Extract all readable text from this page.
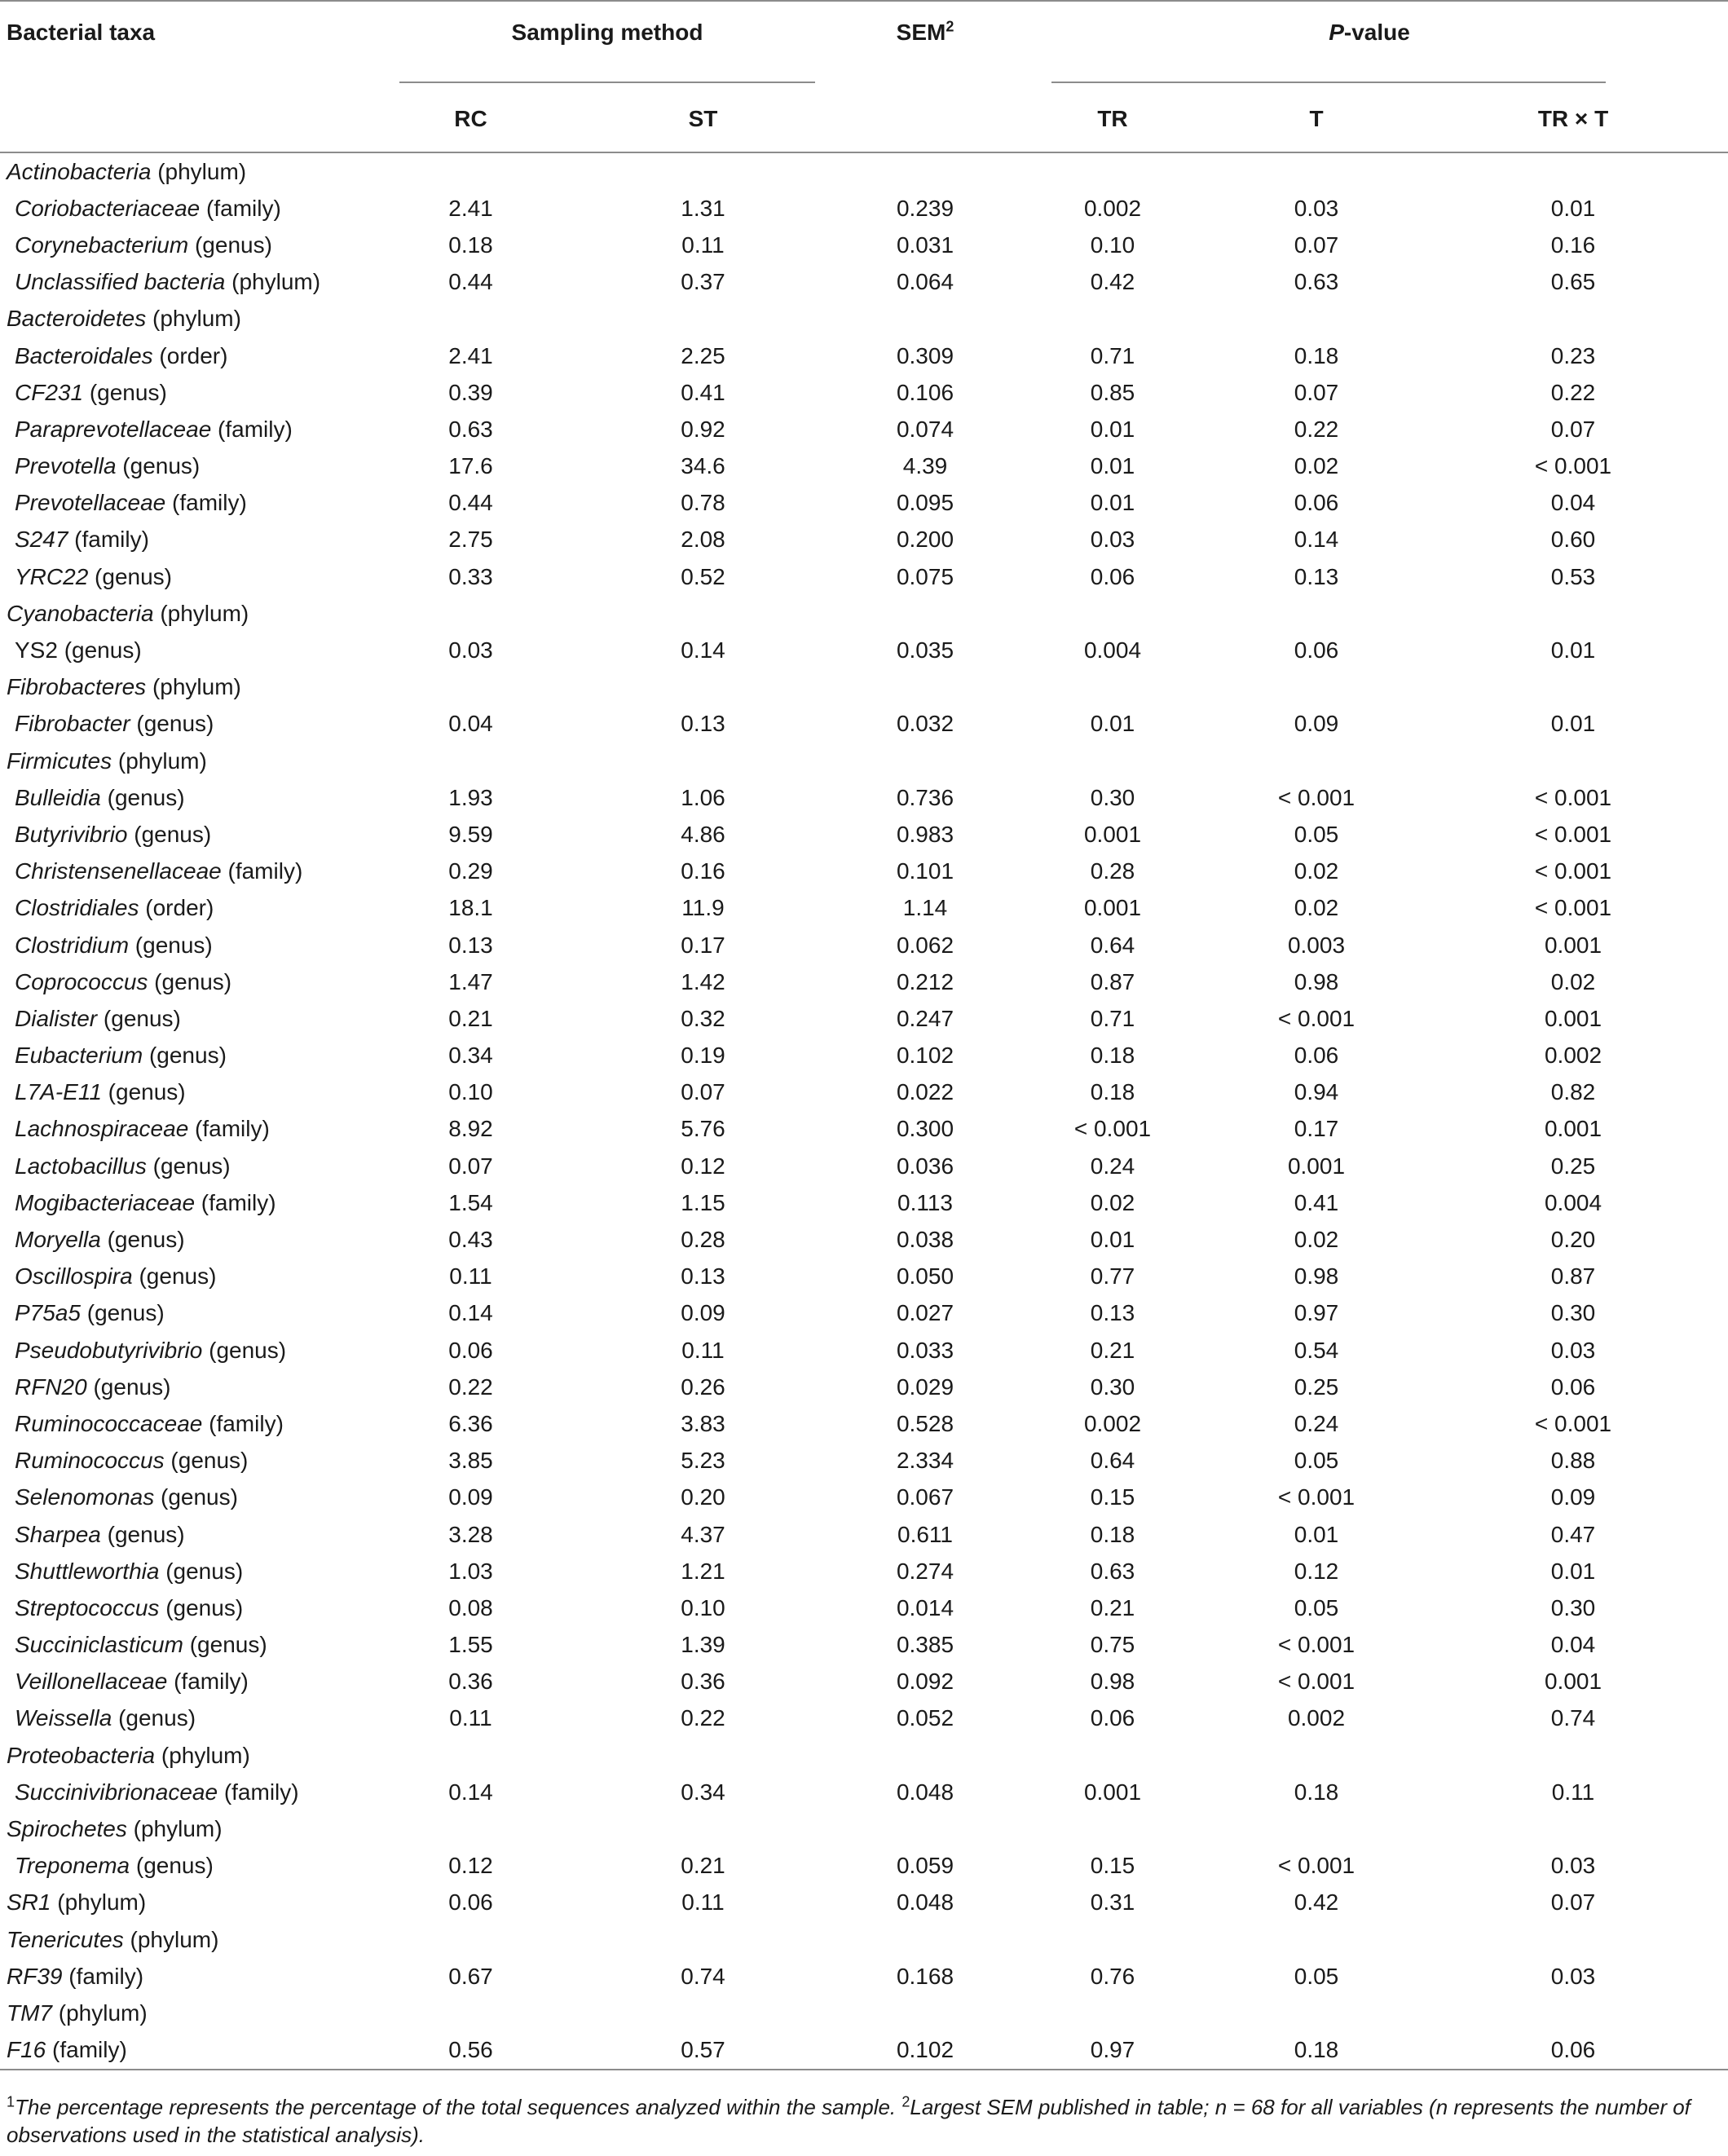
Bacterial taxa	Sampling method		SEM$^2$	P-value		
	RC	ST		TR	T	TR × T
Actinobacteria (phylum)						
Coriobacteriaceae (family)	2.41	1.31	0.239	0.002	0.03	0.01
Corynebacterium (genus)	0.18	0.11	0.031	0.10	0.07	0.16
Unclassified bacteria (phylum)	0.44	0.37	0.064	0.42	0.63	0.65
Bacteroidetes (phylum)						
Bacteroidales (order)	2.41	2.25	0.309	0.71	0.18	0.23
CF231 (genus)	0.39	0.41	0.106	0.85	0.07	0.22
Paraprevotellaceae (family)	0.63	0.92	0.074	0.01	0.22	0.07
Prevotella (genus)	17.6	34.6	4.39	0.01	0.02	< 0.001
Prevotellaceae (family)	0.44	0.78	0.095	0.01	0.06	0.04
S247 (family)	2.75	2.08	0.200	0.03	0.14	0.60
YRC22 (genus)	0.33	0.52	0.075	0.06	0.13	0.53
Cyanobacteria (phylum)						
YS2 (genus)	0.03	0.14	0.035	0.004	0.06	0.01
Fibrobacteres (phylum)						
Fibrobacter (genus)	0.04	0.13	0.032	0.01	0.09	0.01
Firmicutes (phylum)						
Bulleidia (genus)	1.93	1.06	0.736	0.30	< 0.001	< 0.001
Butyrivibrio (genus)	9.59	4.86	0.983	0.001	0.05	< 0.001
Christensenellaceae (family)	0.29	0.16	0.101	0.28	0.02	< 0.001
Clostridiales (order)	18.1	11.9	1.14	0.001	0.02	< 0.001
Clostridium (genus)	0.13	0.17	0.062	0.64	0.003	0.001
Coprococcus (genus)	1.47	1.42	0.212	0.87	0.98	0.02
Dialister (genus)	0.21	0.32	0.247	0.71	< 0.001	0.001
Eubacterium (genus)	0.34	0.19	0.102	0.18	0.06	0.002
L7A-E11 (genus)	0.10	0.07	0.022	0.18	0.94	0.82
Lachnospiraceae (family)	8.92	5.76	0.300	< 0.001	0.17	0.001
Lactobacillus (genus)	0.07	0.12	0.036	0.24	0.001	0.25
Mogibacteriaceae (family)	1.54	1.15	0.113	0.02	0.41	0.004
Moryella (genus)	0.43	0.28	0.038	0.01	0.02	0.20
Oscillospira (genus)	0.11	0.13	0.050	0.77	0.98	0.87
P75a5 (genus)	0.14	0.09	0.027	0.13	0.97	0.30
Pseudobutyrivibrio (genus)	0.06	0.11	0.033	0.21	0.54	0.03
RFN20 (genus)	0.22	0.26	0.029	0.30	0.25	0.06
Ruminococcaceae (family)	6.36	3.83	0.528	0.002	0.24	< 0.001
Ruminococcus (genus)	3.85	5.23	2.334	0.64	0.05	0.88
Selenomonas (genus)	0.09	0.20	0.067	0.15	< 0.001	0.09
Sharpea (genus)	3.28	4.37	0.611	0.18	0.01	0.47
Shuttleworthia (genus)	1.03	1.21	0.274	0.63	0.12	0.01
Streptococcus (genus)	0.08	0.10	0.014	0.21	0.05	0.30
Succiniclasticum (genus)	1.55	1.39	0.385	0.75	< 0.001	0.04
Veillonellaceae (family)	0.36	0.36	0.092	0.98	< 0.001	0.001
Weissella (genus)	0.11	0.22	0.052	0.06	0.002	0.74
Proteobacteria (phylum)						
Succinivibrionaceae (family)	0.14	0.34	0.048	0.001	0.18	0.11
Spirochetes (phylum)						
Treponema (genus)	0.12	0.21	0.059	0.15	< 0.001	0.03
SR1 (phylum)	0.06	0.11	0.048	0.31	0.42	0.07
Tenericutes (phylum)						
RF39 (family)	0.67	0.74	0.168	0.76	0.05	0.03
TM7 (phylum)						
F16 (family)	0.56	0.57	0.102	0.97	0.18	0.06
$^1$The percentage represents the percentage of the total sequences analyzed within the sample. $^2$Largest SEM published in table; n = 68 for all variables (n represents the number of observations used in the statistical analysis).
